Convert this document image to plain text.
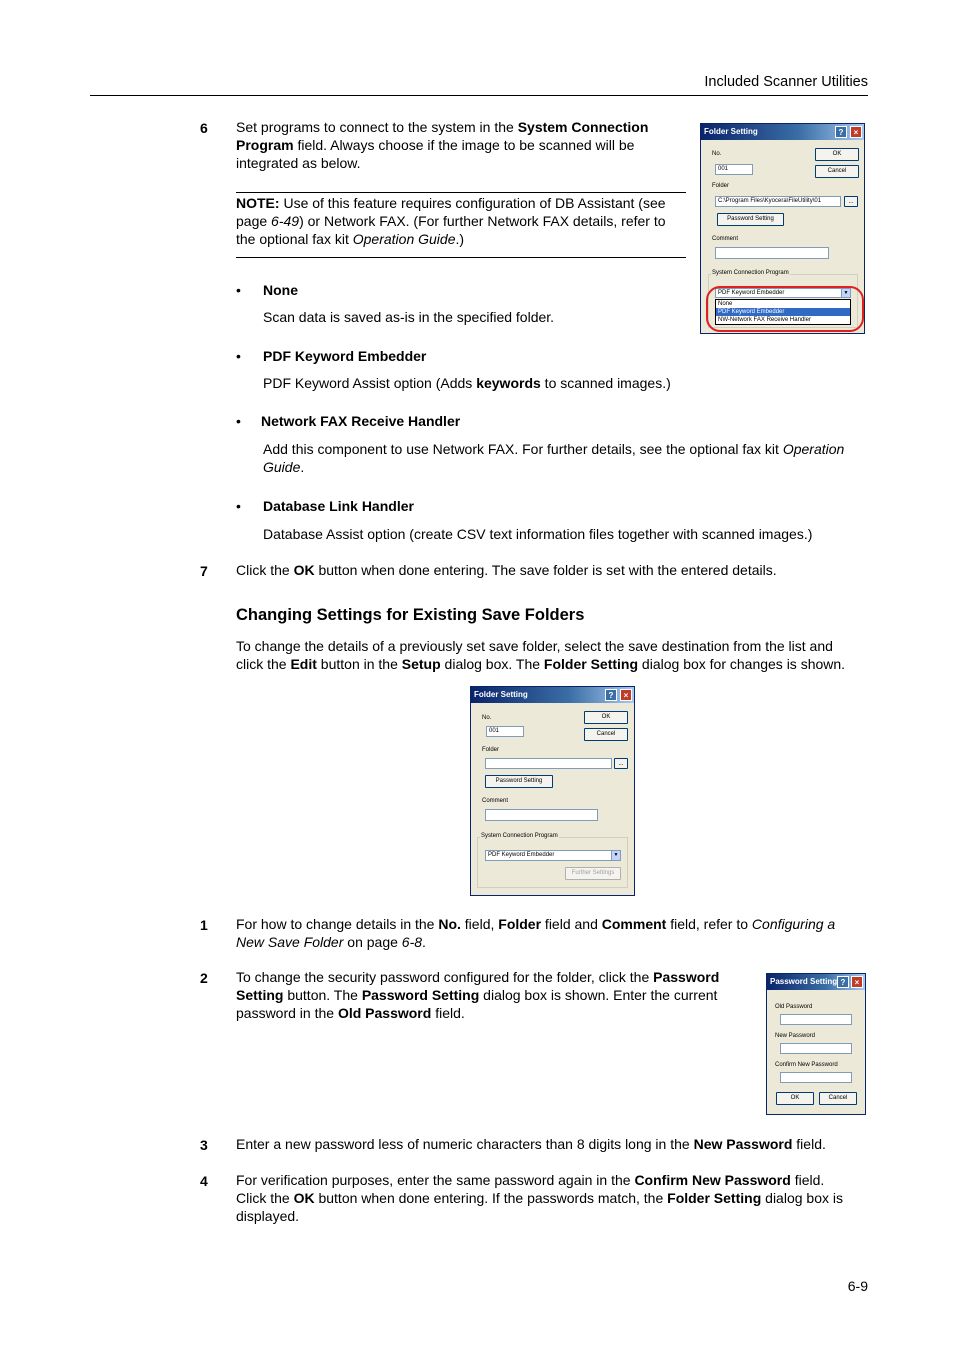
Included Scanner Utilities
6 Set programs to connect to the system in the System Connection
Program field. Always choose if the image to be scanned will be
integrated as below.
NOTE: Use of this feature requires configuration of DB Assistant (see
page 6-49) or Network FAX. (For further Network FAX details, refer to
the optional fax kit Operation Guide.)
• None
Scan data is saved as-is in the specified folder.
• PDF Keyword Embedder
PDF Keyword Assist option (Adds keywords to scanned images.)
• Network FAX Receive Handler
Add this component to use Network FAX. For further details, see the optional fax kit Operation
Guide.
• Database Link Handler
Database Assist option (create CSV text information files together with scanned images.)
7 Click the OK button when done entering. The save folder is set with the entered details.
Changing Settings for Existing Save Folders
To change the details of a previously set save folder, select the save destination from the list and
click the Edit button in the Setup dialog box. The Folder Setting dialog box for changes is shown.
1 For how to change details in the No. field, Folder field and Comment field, refer to Configuring a
New Save Folder on page 6-8.
2 To change the security password configured for the folder, click the Password
Setting button. The Password Setting dialog box is shown. Enter the current
password in the Old Password field.
3 Enter a new password less of numeric characters than 8 digits long in the New Password field.
4 For verification purposes, enter the same password again in the Confirm New Password field.
Click the OK button when done entering. If the passwords match, the Folder Setting dialog box is
displayed.
6-9
Folder Setting	?	×
No.
001
OK
Cancel
Folder
C:\Program Files\Kyocera\FileUtility\01	...
Password Setting
Comment
System Connection Program
PDF Keyword Embedder	▼
None
PDF Keyword Embedder
NW-Network FAX Receive Handler
Folder Setting	?	×
No.
001
OK
Cancel
Folder
...
Password Setting
Comment
System Connection Program
PDF Keyword Embedder	▼
Further Settings
Password Setting ?	×
Old Password
New Password
Confirm New Password
OK	Cancel
